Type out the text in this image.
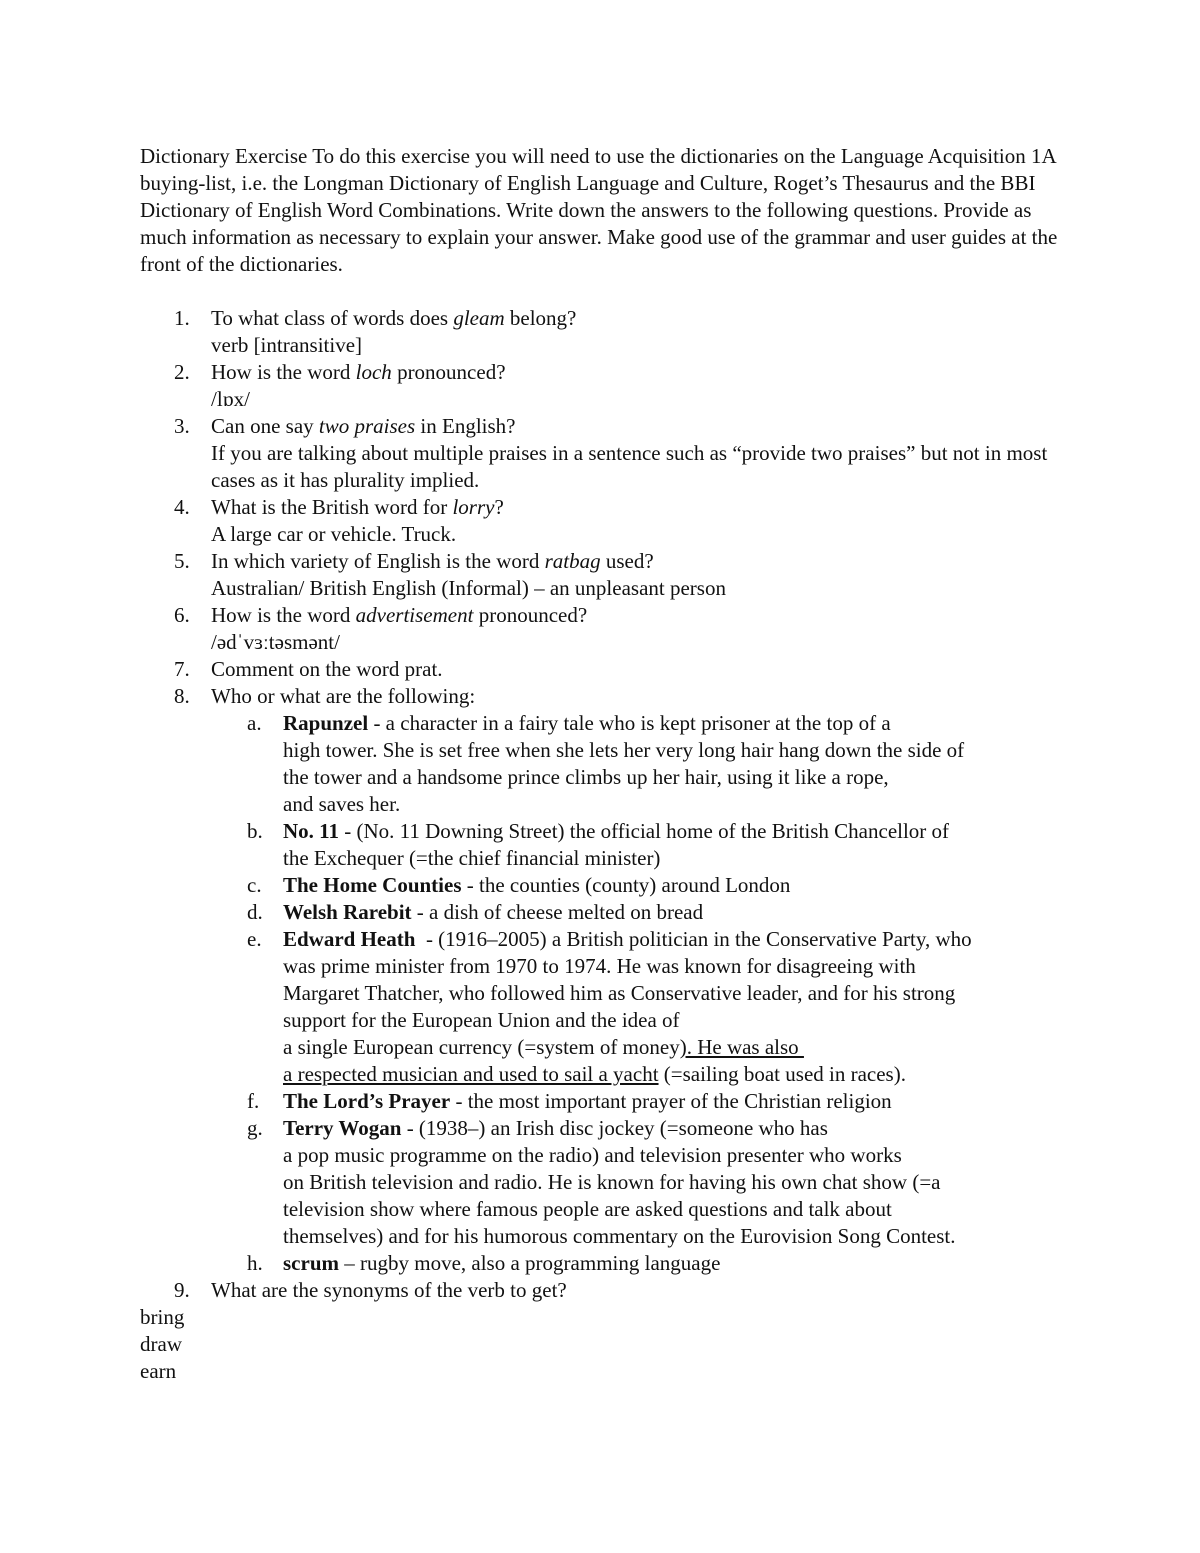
Dictionary Exercise To do this exercise you will need to use the dictionaries on the Language Acquisition 1A buying-list, i.e. the Longman Dictionary of English Language and Culture, Roget’s Thesaurus and the BBI Dictionary of English Word Combinations. Write down the answers to the following questions. Provide as much information as necessary to explain your answer. Make good use of the grammar and user guides at the front of the dictionaries.

1. To what class of words does gleam belong?
verb [intransitive]
2. How is the word loch pronounced?
/lɒx/
3. Can one say two praises in English?
If you are talking about multiple praises in a sentence such as “provide two praises” but not in most cases as it has plurality implied.
4. What is the British word for lorry?
A large car or vehicle. Truck.
5. In which variety of English is the word ratbag used?
Australian/ British English (Informal) – an unpleasant person
6. How is the word advertisement pronounced?
/ədˈvɜːtəsmənt/
7. Comment on the word prat.
8. Who or what are the following:
a. Rapunzel - a character in a fairy tale who is kept prisoner at the top of a
high tower. She is set free when she lets her very long hair hang down the side of
the tower and a handsome prince climbs up her hair, using it like a rope,
and saves her.
b. No. 11 - (No. 11 Downing Street) the official home of the British Chancellor of
the Exchequer (=the chief financial minister)
c. The Home Counties - the counties (county) around London
d. Welsh Rarebit - a dish of cheese melted on bread
e. Edward Heath  - (1916–2005) a British politician in the Conservative Party, who
was prime minister from 1970 to 1974. He was known for disagreeing with
Margaret Thatcher, who followed him as Conservative leader, and for his strong
support for the European Union and the idea of
a single European currency (=system of money). He was also
a respected musician and used to sail a yacht (=sailing boat used in races).
f. The Lord’s Prayer - the most important prayer of the Christian religion
g. Terry Wogan - (1938–) an Irish disc jockey (=someone who has
a pop music programme on the radio) and television presenter who works
on British television and radio. He is known for having his own chat show (=a
television show where famous people are asked questions and talk about
themselves) and for his humorous commentary on the Eurovision Song Contest.
h. scrum – rugby move, also a programming language
9. What are the synonyms of the verb to get?
bring
draw
earn
